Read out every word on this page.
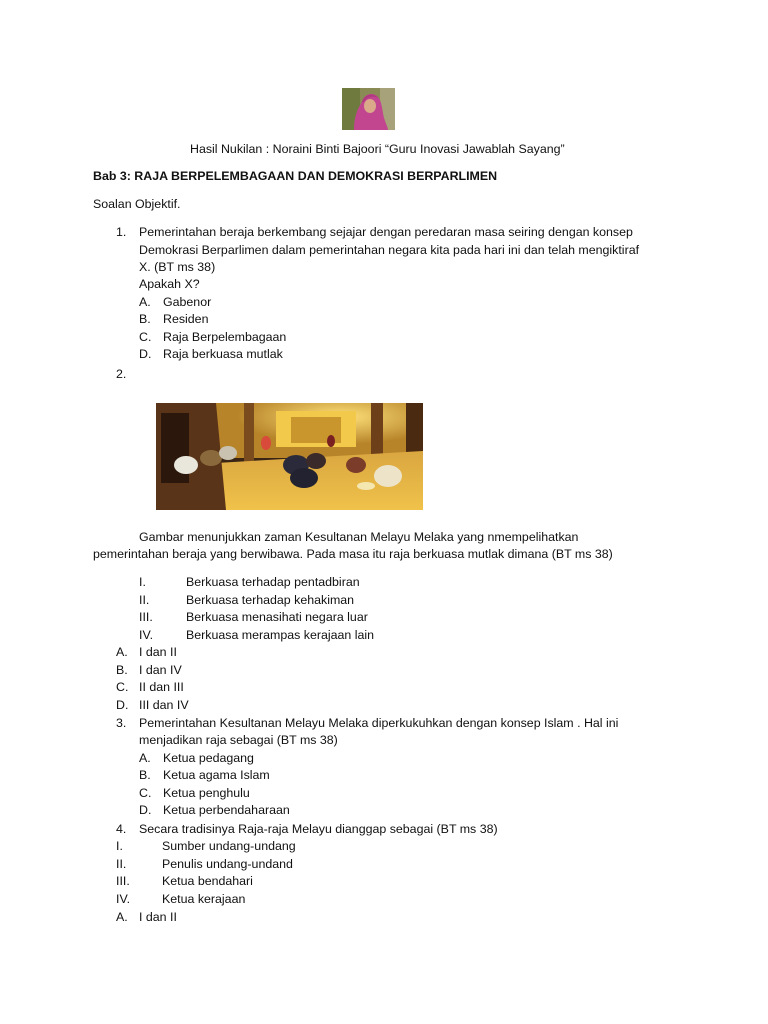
Hasil Nukilan : Noraini Binti Bajoori “Guru Inovasi Jawablah Sayang”
Bab 3: RAJA BERPELEMBAGAAN DAN DEMOKRASI BERPARLIMEN
Soalan Objektif.
1. Pemerintahan beraja berkembang sejajar dengan peredaran masa seiring dengan konsep
Demokrasi Berparlimen dalam pemerintahan negara kita pada hari ini dan telah mengiktiraf
X. (BT ms 38)
Apakah X?
A. Gabenor
B. Residen
C. Raja Berpelembagaan
D. Raja berkuasa mutlak
2.
Gambar menunjukkan zaman Kesultanan Melayu Melaka yang nmempelihatkan
pemerintahan beraja yang berwibawa. Pada masa itu raja berkuasa mutlak dimana (BT ms 38)
I.	Berkuasa terhadap pentadbiran
II.	Berkuasa terhadap kehakiman
III.	Berkuasa menasihati negara luar
IV.	Berkuasa merampas kerajaan lain
A. I dan II
B. I dan IV
C. II dan III
D. III dan IV
3. Pemerintahan Kesultanan Melayu Melaka diperkukuhkan dengan konsep Islam . Hal ini
menjadikan raja sebagai (BT ms 38)
A. Ketua pedagang
B. Ketua agama Islam
C. Ketua penghulu
D. Ketua perbendaharaan
4. Secara tradisinya Raja-raja Melayu dianggap sebagai (BT ms 38)
I.	Sumber undang-undang
II.	Penulis undang-undand
III.	Ketua bendahari
IV.	Ketua kerajaan
A. I dan II
